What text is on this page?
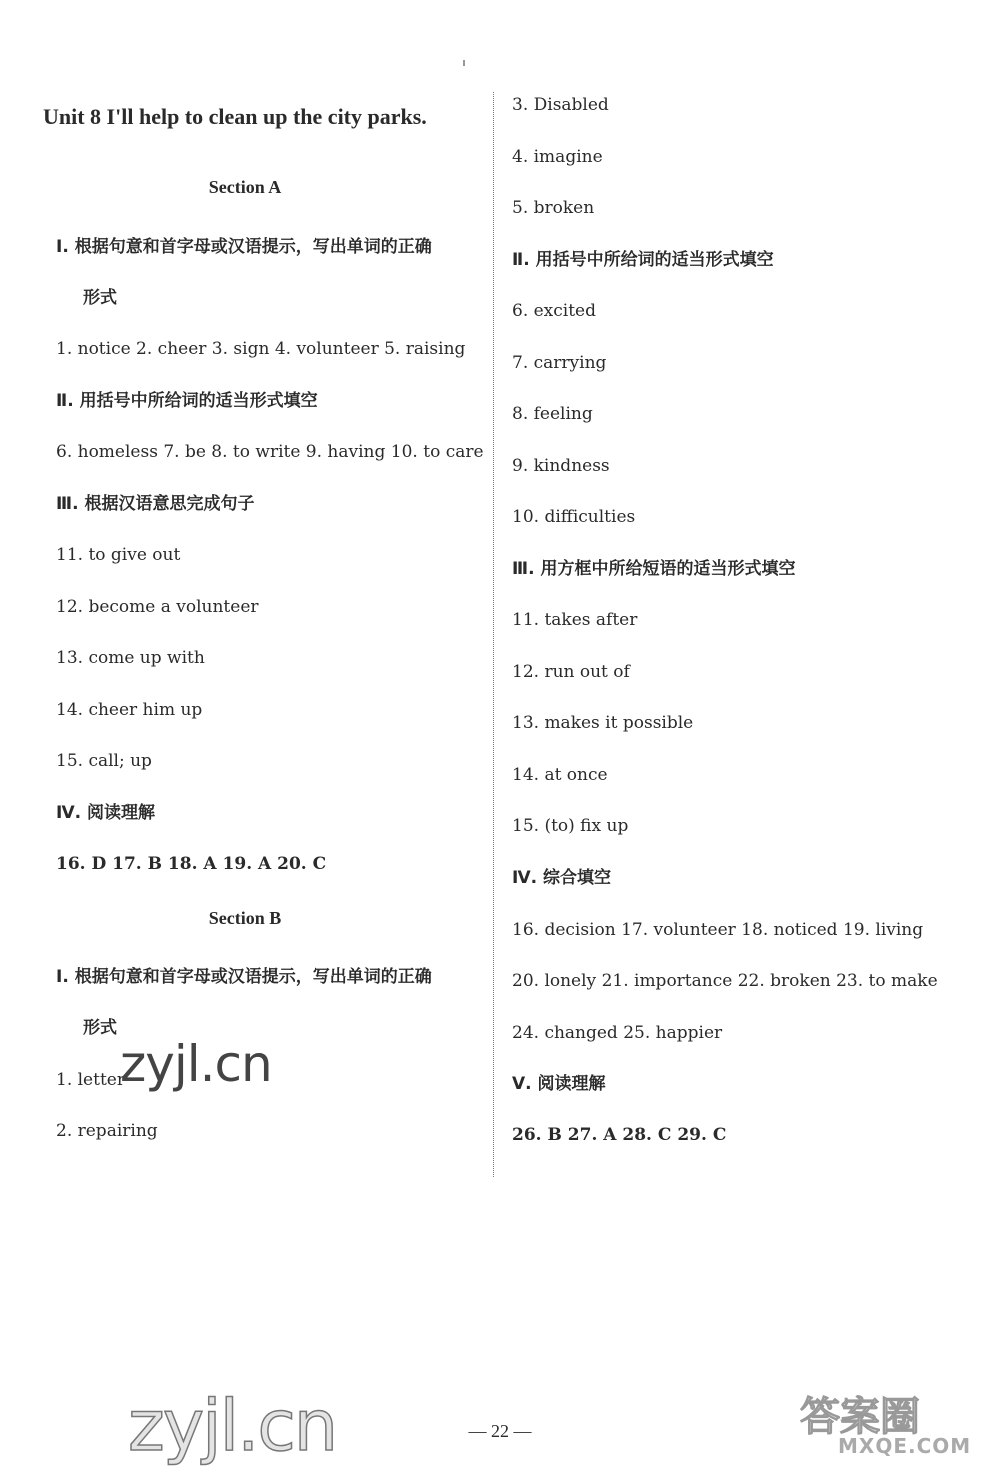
Unit 8 I'll help to clean up the city parks.
Section A
Ⅰ. 根据句意和首字母或汉语提示，写出单词的正确
形式
1. notice 2. cheer 3. sign 4. volunteer 5. raising
Ⅱ. 用括号中所给词的适当形式填空
6. homeless 7. be 8. to write 9. having 10. to care
Ⅲ. 根据汉语意思完成句子
11. to give out
12. become a volunteer
13. come up with
14. cheer him up
15. call; up
Ⅳ. 阅读理解
16. D 17. B 18. A 19. A 20. C
Section B
Ⅰ. 根据句意和首字母或汉语提示，写出单词的正确
形式
1. letter
2. repairing
3. Disabled
4. imagine
5. broken
Ⅱ. 用括号中所给词的适当形式填空
6. excited
7. carrying
8. feeling
9. kindness
10. difficulties
Ⅲ. 用方框中所给短语的适当形式填空
11. takes after
12. run out of
13. makes it possible
14. at once
15. (to) fix up
Ⅳ. 综合填空
16. decision 17. volunteer 18. noticed 19. living
20. lonely 21. importance 22. broken 23. to make
24. changed 25. happier
Ⅴ. 阅读理解
26. B 27. A 28. C 29. C
— 22 —
zyjl.cn
zyjl.cn	答案圈
MXQE.COM
